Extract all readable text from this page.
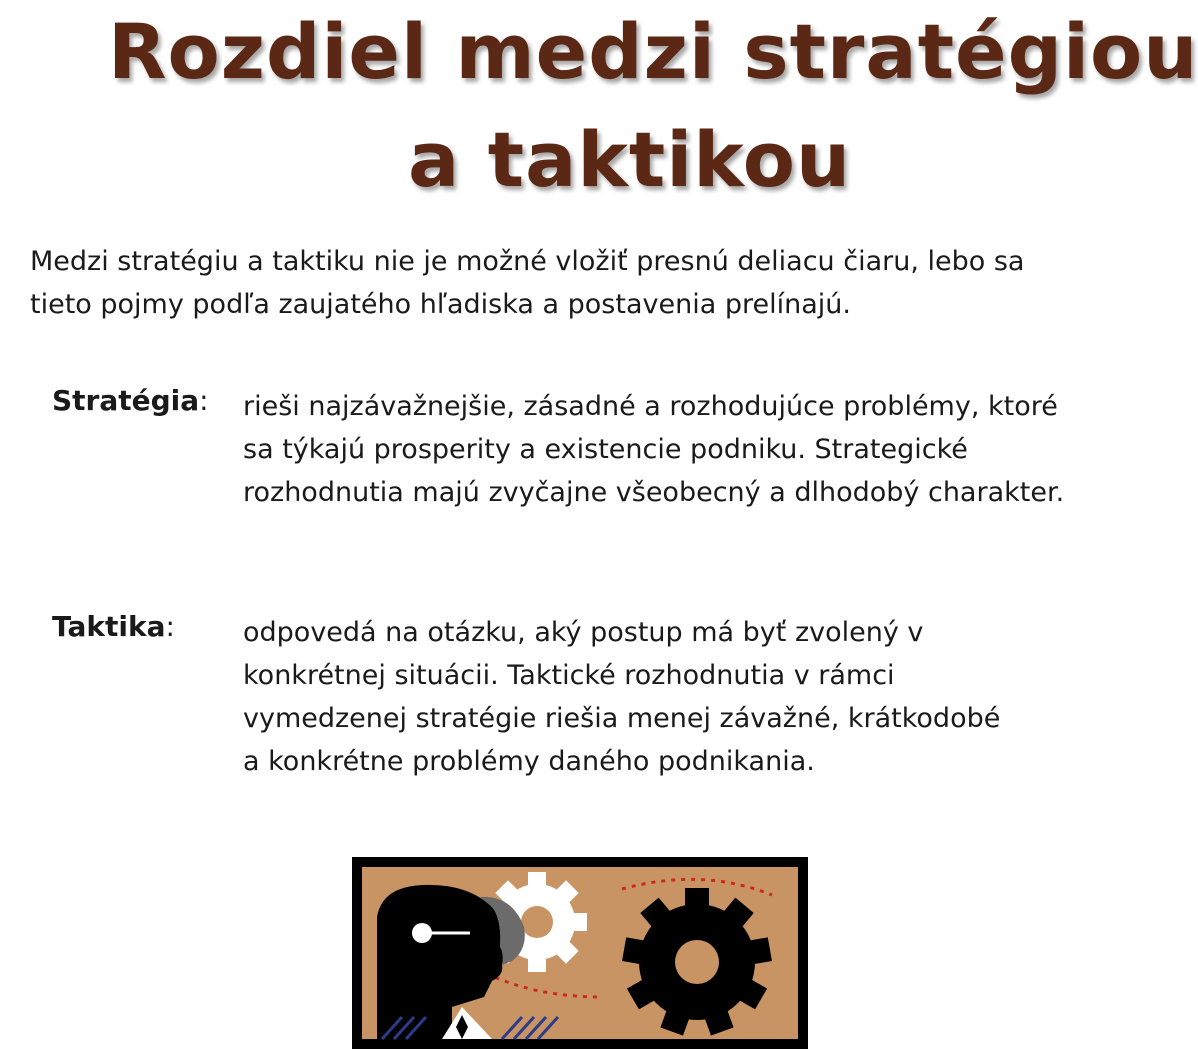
Rozdiel medzi stratégiou
a taktikou

Medzi stratégiu a taktiku nie je možné vložiť presnú deliacu čiaru, lebo sa

tieto pojmy podľa zaujatého hľadiska a postavenia prelínajú.

Stratégia: rieši najzávažnejšie, zásadné a rozhodujúce problémy, ktoré

sa týkajú prosperity a existencie podniku. Strategické

rozhodnutia majú zvyčajne všeobecný a dlhodobý charakter.

Taktika:	odpovedá na otázku, aký postup má byť zvolený v

konkrétnej situácii. Taktické rozhodnutia v rámci

vymedzenej stratégie riešia menej závažné, krátkodobé

a konkrétne problémy daného podnikania.
